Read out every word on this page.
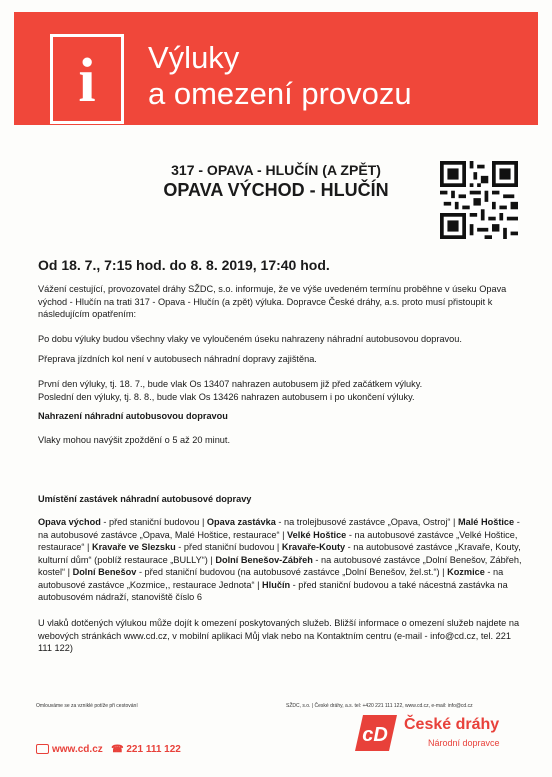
i	Výluky
a omezení provozu
317 - OPAVA - HLUČÍN (A ZPĚT)
OPAVA VÝCHOD - HLUČÍN
Od 18. 7., 7:15 hod. do 8. 8. 2019, 17:40 hod.
Vážení cestující, provozovatel dráhy SŽDC, s.o. informuje, že ve výše uvedeném termínu proběhne v úseku Opava východ - Hlučín na trati 317 - Opava - Hlučín (a zpět) výluka. Dopravce České dráhy, a.s. proto musí přistoupit k následujícím opatřením:
Po dobu výluky budou všechny vlaky ve vyloučeném úseku nahrazeny náhradní autobusovou dopravou.
Přeprava jízdních kol není v autobusech náhradní dopravy zajištěna.
První den výluky, tj. 18. 7., bude vlak Os 13407 nahrazen autobusem již před začátkem výluky.
Poslední den výluky, tj. 8. 8., bude vlak Os 13426 nahrazen autobusem i po ukončení výluky.
Nahrazení náhradní autobusovou dopravou
Vlaky mohou navýšit zpoždění o 5 až 20 minut.
Umístění zastávek náhradní autobusové dopravy
Opava východ - před staniční budovou | Opava zastávka - na trolejbusové zastávce „Opava, Ostroj“ | Malé Hoštice - na autobusové zastávce „Opava, Malé Hoštice, restaurace“ | Velké Hoštice - na autobusové zastávce „Velké Hoštice, restaurace“ | Kravaře ve Slezsku - před staniční budovou | Kravaře-Kouty - na autobusové zastávce „Kravaře, Kouty, kulturní dům“ (poblíž restaurace „BULLY“) | Dolní Benešov-Zábřeh - na autobusové zastávce „Dolní Benešov, Zábřeh, kostel“ | Dolní Benešov - před staniční budovou (na autobusové zastávce „Dolní Benešov, žel.st.“) | Kozmice - na autobusové zastávce „Kozmice,, restaurace Jednota“ | Hlučín - před staniční budovou a také nácestná zastávka na autobusovém nádraží, stanoviště číslo 6
U vlaků dotčených výlukou může dojít k omezení poskytovaných služeb. Bližší informace o omezení služeb najdete na webových stránkách www.cd.cz, v mobilní aplikaci Můj vlak nebo na Kontaktním centru (e-mail - info@cd.cz, tel. 221 111 122)
Omlouváme se za vzniklé potíže při cestování	SŽDC, s.o. | České dráhy, a.s. tel: +420 221 111 122, www.cd.cz, e-mail: info@cd.cz
www.cd.cz ☎ 221 111 122
cD České dráhy
Národní dopravce
